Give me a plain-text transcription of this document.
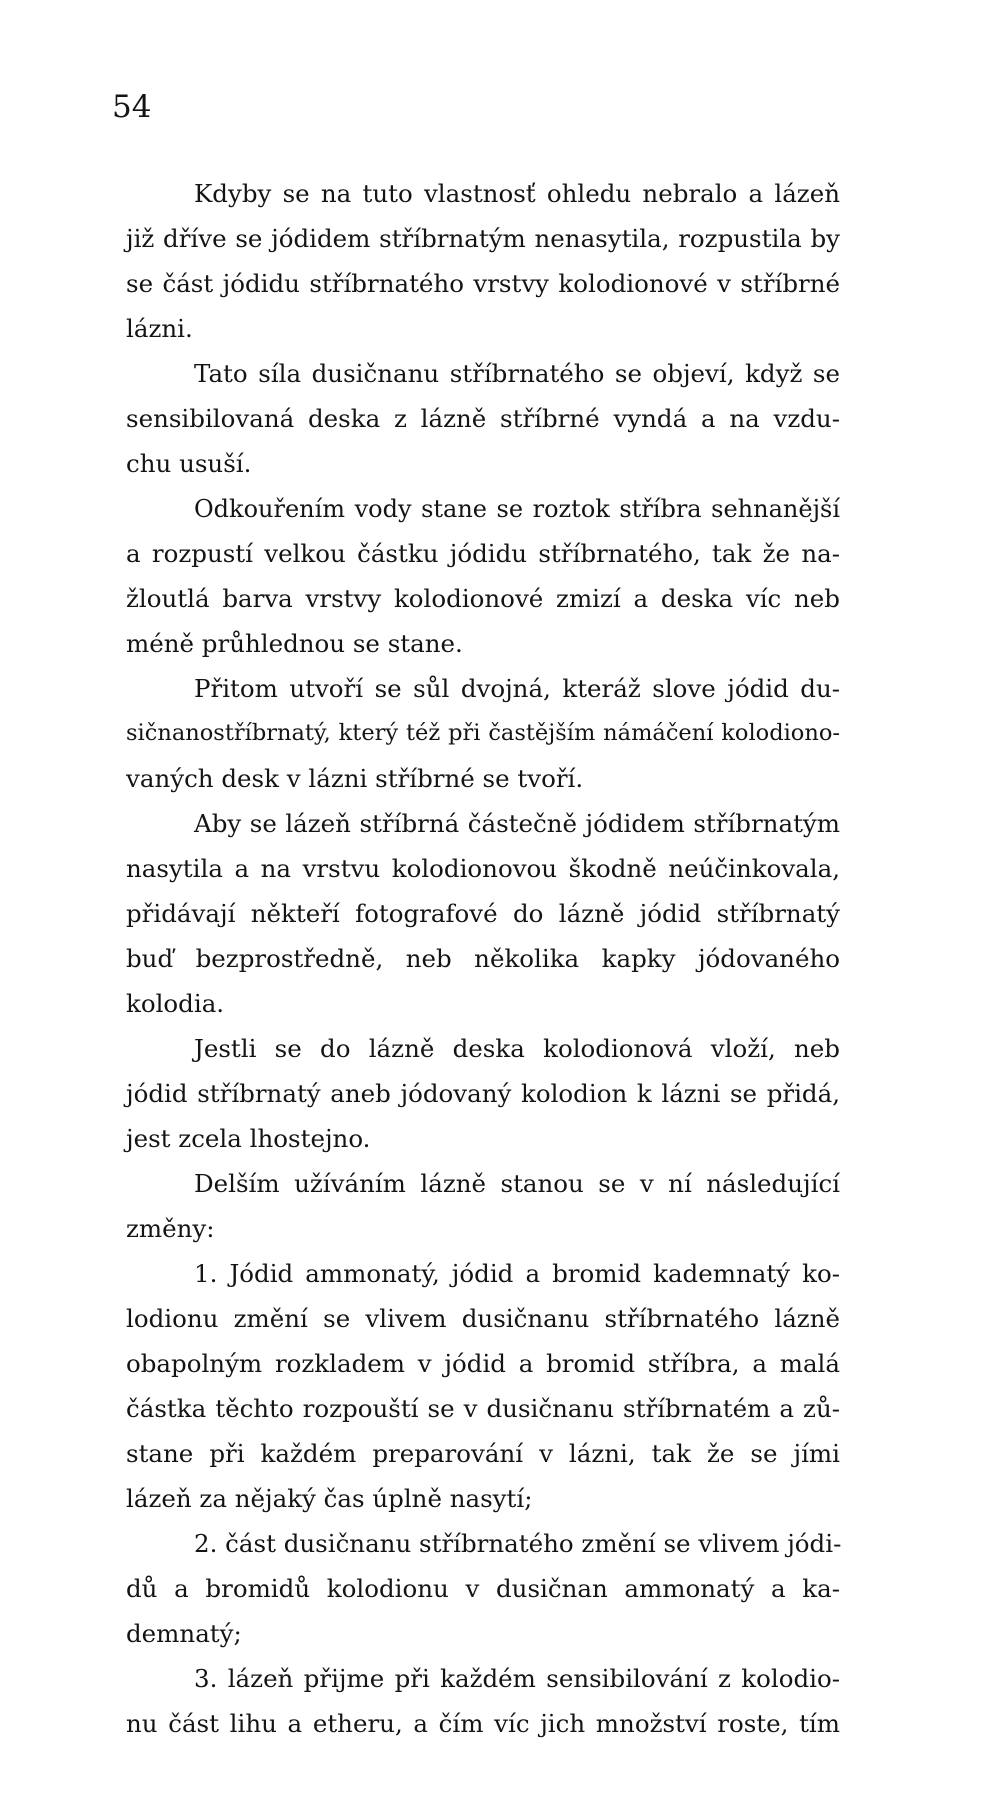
54
Kdyby se na tuto vlastnosť ohledu nebralo a lázeň
již dříve se jódidem stříbrnatým nenasytila, rozpustila by
se část jódidu stříbrnatého vrstvy kolodionové v stříbrné
lázni.
Tato síla dusičnanu stříbrnatého se objeví, když se
sensibilovaná deska z lázně stříbrné vyndá a na vzdu-
chu usuší.
Odkouřením vody stane se roztok stříbra sehnanější
a rozpustí velkou částku jódidu stříbrnatého, tak že na-
žloutlá barva vrstvy kolodionové zmizí a deska víc neb
méně průhlednou se stane.
Přitom utvoří se sůl dvojná, kteráž slove jódid du-
sičnanostříbrnatý, který též při častějším námáčení kolodiono-
vaných desk v lázni stříbrné se tvoří.
Aby se lázeň stříbrná částečně jódidem stříbrnatým
nasytila a na vrstvu kolodionovou škodně neúčinkovala,
přidávají někteří fotografové do lázně jódid stříbrnatý
buď bezprostředně, neb několika kapky jódovaného
kolodia.
Jestli se do lázně deska kolodionová vloží, neb
jódid stříbrnatý aneb jódovaný kolodion k lázni se přidá,
jest zcela lhostejno.
Delším užíváním lázně stanou se v ní následující
změny:
1. Jódid ammonatý, jódid a bromid kademnatý ko-
lodionu změní se vlivem dusičnanu stříbrnatého lázně
obapolným rozkladem v jódid a bromid stříbra, a malá
částka těchto rozpouští se v dusičnanu stříbrnatém a zů-
stane při každém preparování v lázni, tak že se jími
lázeň za nějaký čas úplně nasytí;
2. část dusičnanu stříbrnatého změní se vlivem jódi-
dů a bromidů kolodionu v dusičnan ammonatý a ka-
demnatý;
3. lázeň přijme při každém sensibilování z kolodio-
nu část lihu a etheru, a čím víc jich množství roste, tím
